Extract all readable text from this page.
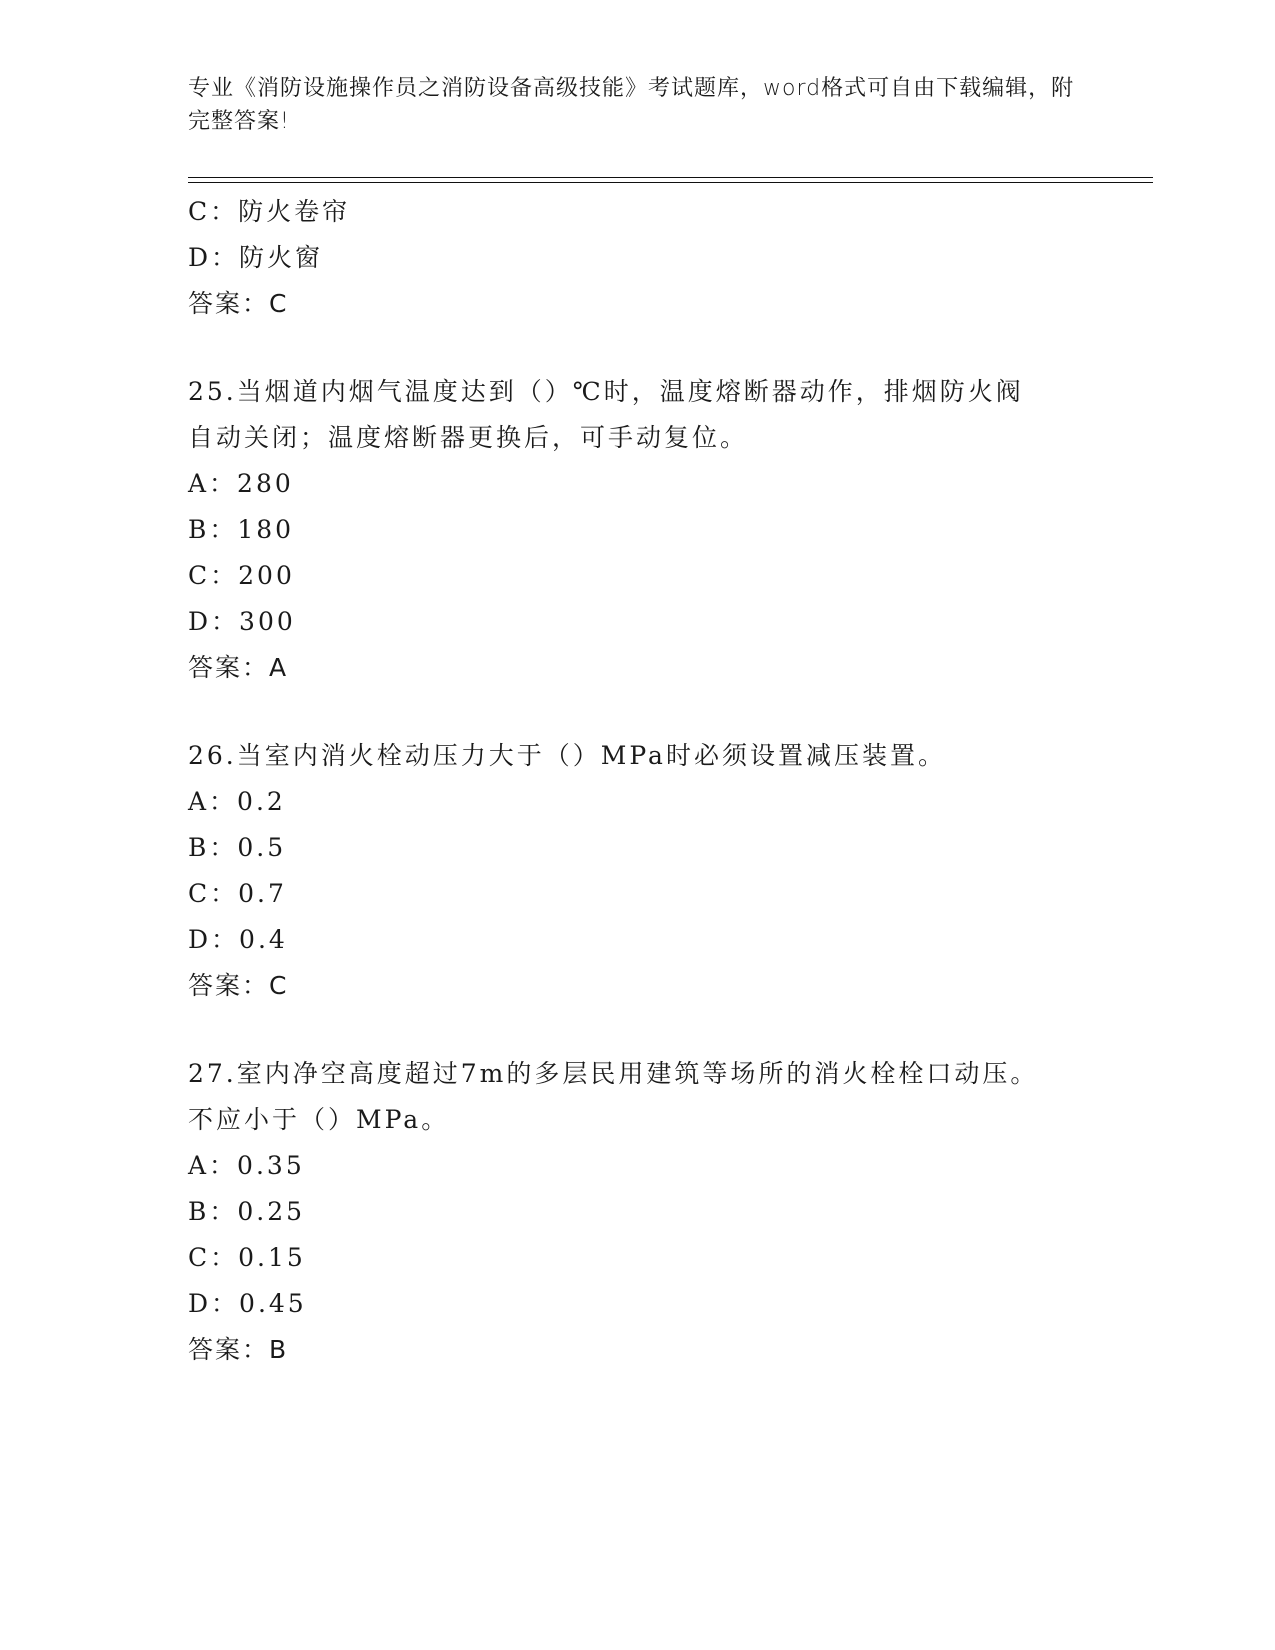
专业《消防设施操作员之消防设备高级技能》考试题库，word格式可自由下载编辑，附完整答案!
C：防火卷帘
D：防火窗
答案：C
25.当烟道内烟气温度达到（）℃时，温度熔断器动作，排烟防火阀自动关闭；温度熔断器更换后，可手动复位。
A：280
B：180
C：200
D：300
答案：A
26.当室内消火栓动压力大于（）MPa时必须设置减压装置。
A：0.2
B：0.5
C：0.7
D：0.4
答案：C
27.室内净空高度超过7m的多层民用建筑等场所的消火栓栓口动压。不应小于（）MPa。
A：0.35
B：0.25
C：0.15
D：0.45
答案：B
